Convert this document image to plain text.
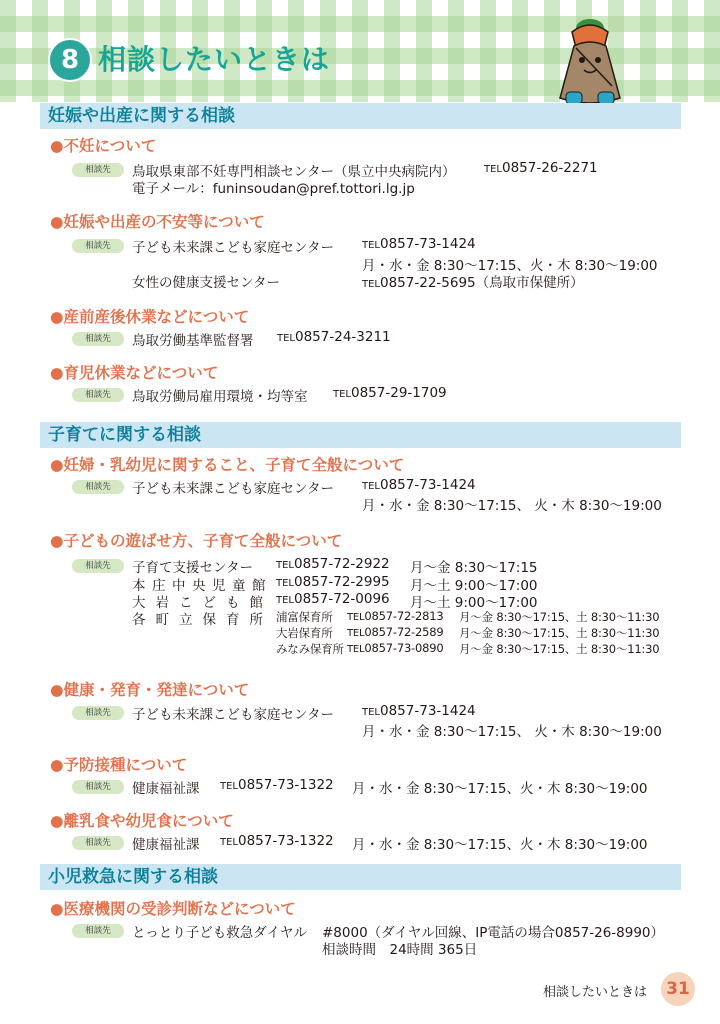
8 相談したいときは
妊娠や出産に関する相談
●不妊について
相談先	鳥取県東部不妊専門相談センター（県立中央病院内）	TEL0857-26-2271
電子メール：funinsoudan@pref.tottori.lg.jp
●妊娠や出産の不安等について
相談先	子ども未来課こども家庭センター	TEL0857-73-1424
月・水・金 8:30〜17:15、火・木 8:30〜19:00
女性の健康支援センター	TEL0857-22-5695（鳥取市保健所）
●産前産後休業などについて
相談先	鳥取労働基準監督署 TEL0857-24-3211
●育児休業などについて
相談先	鳥取労働局雇用環境・均等室	TEL0857-29-1709
子育てに関する相談
●妊婦・乳幼児に関すること、子育て全般について
相談先	子ども未来課こども家庭センター	TEL0857-73-1424
月・水・金 8:30〜17:15、 火・木 8:30〜19:00
●子どもの遊ばせ方、子育て全般について
相談先	子育て支援センター TEL0857-72-2922 月〜金 8:30〜17:15
本庄中央児童館 TEL0857-72-2995 月〜土 9:00〜17:00
大岩こども館 TEL0857-72-0096 月〜土 9:00〜17:00
各町立保育所 浦富保育所 TEL0857-72-2813 月〜金 8:30〜17:15、土 8:30〜11:30
大岩保育所 TEL0857-72-2589 月〜金 8:30〜17:15、土 8:30〜11:30
みなみ保育所 TEL0857-73-0890 月〜金 8:30〜17:15、土 8:30〜11:30
●健康・発育・発達について
相談先	子ども未来課こども家庭センター	TEL0857-73-1424
月・水・金 8:30〜17:15、 火・木 8:30〜19:00
●予防接種について
相談先	健康福祉課 TEL0857-73-1322 月・水・金 8:30〜17:15、火・木 8:30〜19:00
●離乳食や幼児食について
相談先	健康福祉課 TEL0857-73-1322 月・水・金 8:30〜17:15、火・木 8:30〜19:00
小児救急に関する相談
●医療機関の受診判断などについて
相談先	とっとり子ども救急ダイヤル #8000（ダイヤル回線、IP電話の場合0857-26-8990）
相談時間　24時間 365日
相談したいときは	31
